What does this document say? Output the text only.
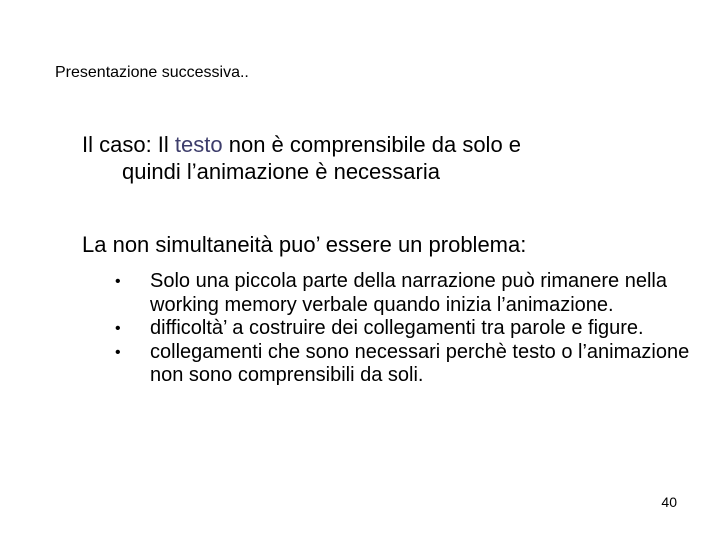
Presentazione successiva..
Il caso: Il testo non è comprensibile da solo e
quindi l’animazione è necessaria
La non simultaneità puo’ essere un problema:
• Solo una piccola parte della narrazione può rimanere nella working memory verbale quando inizia l’animazione.
• difficoltà’ a costruire dei collegamenti tra parole e figure.
• collegamenti che sono necessari perchè testo o l’animazione non sono comprensibili da soli.
40
